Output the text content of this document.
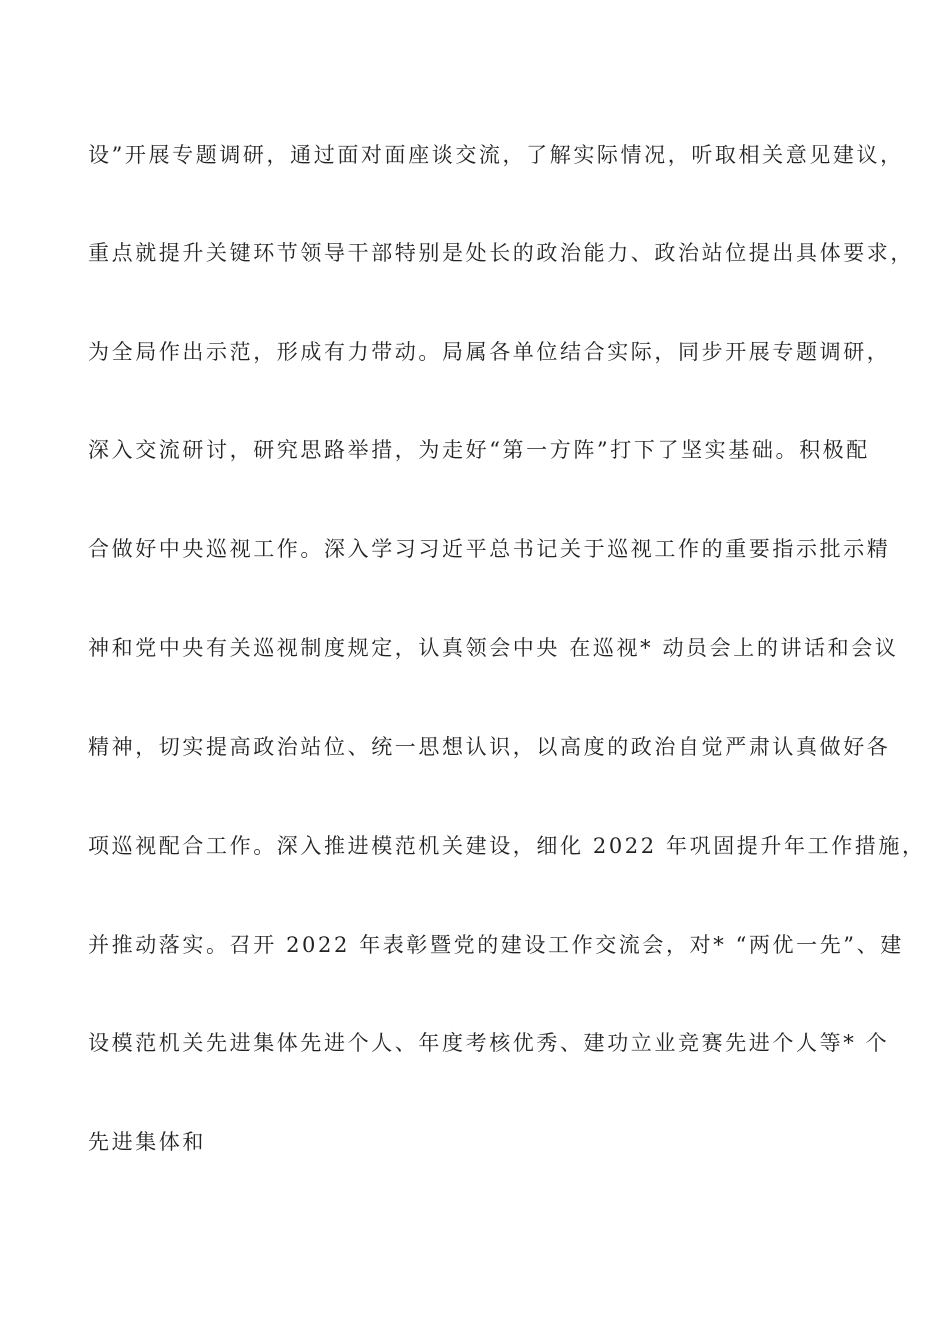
设”开展专题调研，通过面对面座谈交流，了解实际情况，听取相关意见建议，
重点就提升关键环节领导干部特别是处长的政治能力、政治站位提出具体要求，
为全局作出示范，形成有力带动。局属各单位结合实际，同步开展专题调研，
深入交流研讨，研究思路举措，为走好“第一方阵”打下了坚实基础。积极配
合做好中央巡视工作。深入学习习近平总书记关于巡视工作的重要指示批示精
神和党中央有关巡视制度规定，认真领会中央 在巡视* 动员会上的讲话和会议
精神，切实提高政治站位、统一思想认识，以高度的政治自觉严肃认真做好各
项巡视配合工作。深入推进模范机关建设，细化 2022 年巩固提升年工作措施，
并推动落实。召开 2022 年表彰暨党的建设工作交流会，对* “两优一先”、建
设模范机关先进集体先进个人、年度考核优秀、建功立业竞赛先进个人等* 个
先进集体和
